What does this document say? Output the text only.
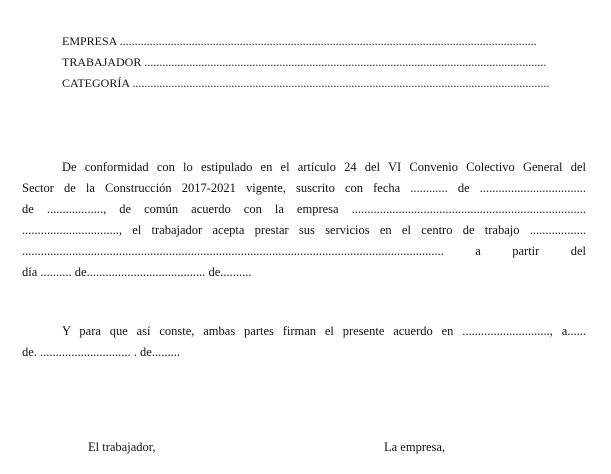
EMPRESA ...........................................................................................................................................
TRABAJADOR ......................................................................................................................................
CATEGORÍA ...........................................................................................................................................
De conformidad con lo estipulado en el artículo 24 del VI Convenio Colectivo General del
Sector de la Construcción 2017-2021 vigente, suscrito con fecha ............ de ..................................
de .................., de común acuerdo con la empresa ...........................................................................
..............................., el trabajador acepta prestar sus servicios en el centro de trabajo ..................
....................................................................................................................................... a partir del
día .......... de...................................... de..........
Y para que así conste, ambas partes firman el presente acuerdo en ............................, a......
de. ............................. . de.........
El trabajador,	La empresa,
